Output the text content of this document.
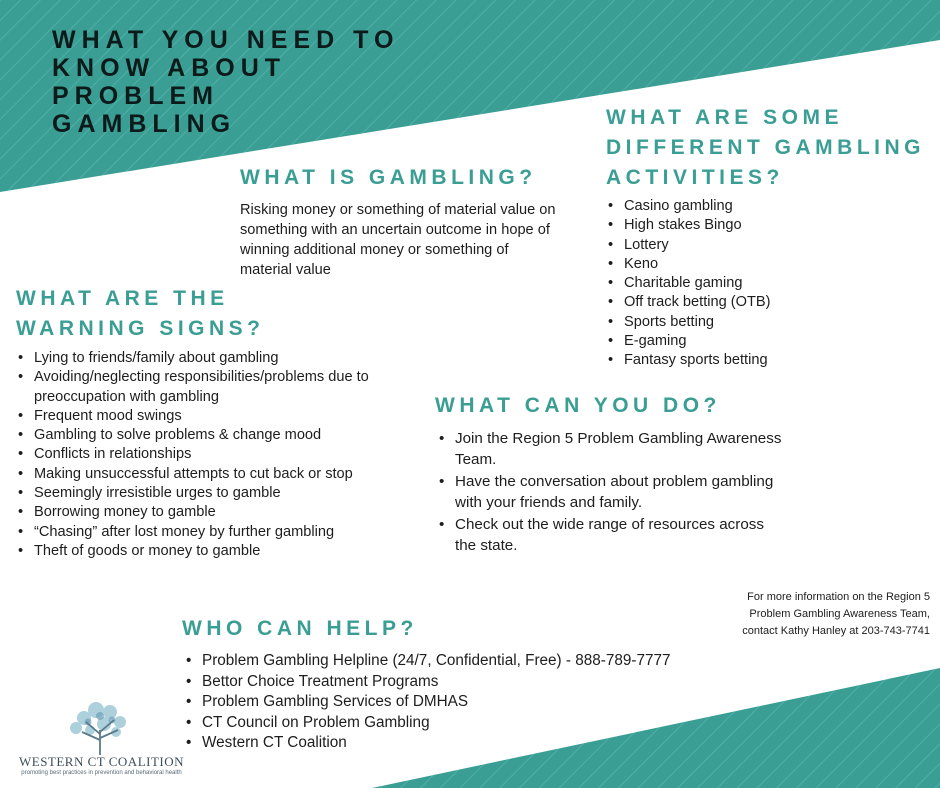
WHAT YOU NEED TO
KNOW ABOUT
PROBLEM
GAMBLING
WHAT IS GAMBLING?

Risking money or something of material value on something with an uncertain outcome in hope of winning additional money or something of material value

WHAT ARE SOME
DIFFERENT GAMBLING
ACTIVITIES?
• Casino gambling
• High stakes Bingo
• Lottery
• Keno
• Charitable gaming
• Off track betting (OTB)
• Sports betting
• E-gaming
• Fantasy sports betting
WHAT ARE THE
WARNING SIGNS?
• Lying to friends/family about gambling
• Avoiding/neglecting responsibilities/problems due to preoccupation with gambling
• Frequent mood swings
• Gambling to solve problems & change mood
• Conflicts in relationships
• Making unsuccessful attempts to cut back or stop
• Seemingly irresistible urges to gamble
• Borrowing money to gamble
• “Chasing” after lost money by further gambling
• Theft of goods or money to gamble
WHAT CAN YOU DO?
• Join the Region 5 Problem Gambling Awareness Team.
• Have the conversation about problem gambling with your friends and family.
• Check out the wide range of resources across the state.

For more information on the Region 5
Problem Gambling Awareness Team,
contact Kathy Hanley at 203-743-7741

WHO CAN HELP?
• Problem Gambling Helpline (24/7, Confidential, Free) - 888-789-7777
• Bettor Choice Treatment Programs
• Problem Gambling Services of DMHAS
• CT Council on Problem Gambling
• Western CT Coalition
WESTERN CT COALITION
promoting best practices in prevention and behavioral health
